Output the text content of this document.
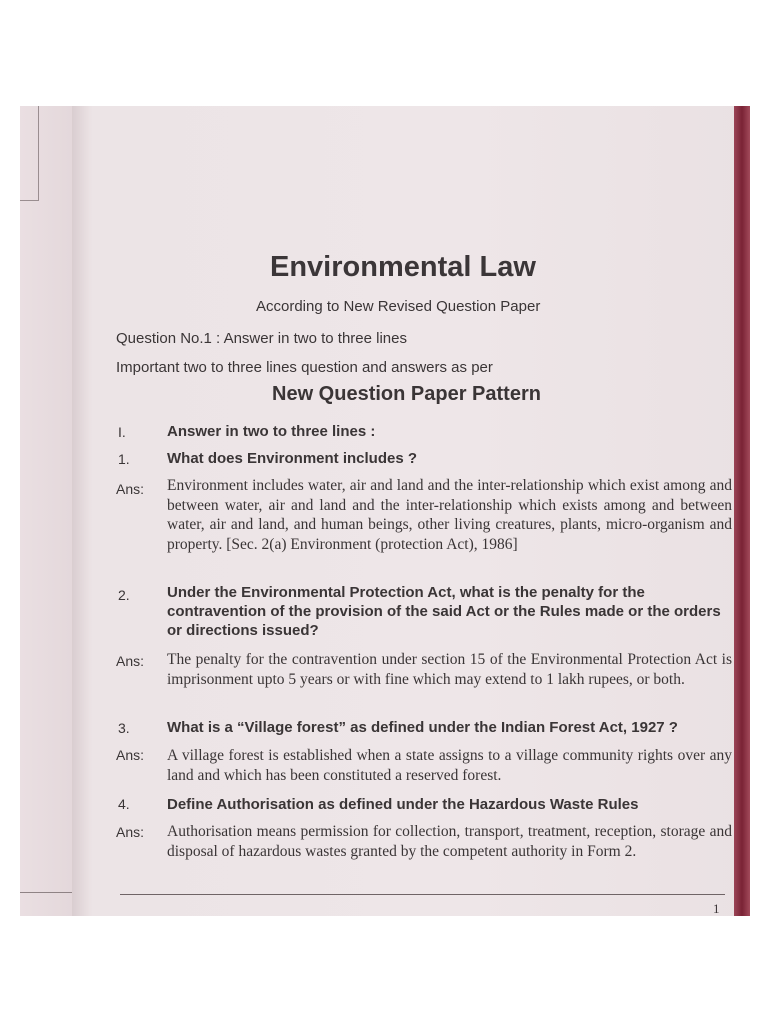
Environmental Law
According to New Revised Question Paper
Question No.1 : Answer in two to three lines
Important two to three lines question and answers as per
New Question Paper Pattern
I.	Answer in two to three lines :
1. What does Environment includes ?
Ans: Environment includes water, air and land and the inter-relationship which exist among and between water, air and land and the inter-relationship which exists among and between water, air and land, and human beings, other living creatures, plants, micro-organism and property. [Sec. 2(a) Environment (protection Act), 1986]
2. Under the Environmental Protection Act, what is the penalty for the contravention of the provision of the said Act or the Rules made or the orders or directions issued?
Ans: The penalty for the contravention under section 15 of the Environmental Protection Act is imprisonment upto 5 years or with fine which may extend to 1 lakh rupees, or both.
3. What is a “Village forest” as defined under the Indian Forest Act, 1927 ?
Ans: A village forest is established when a state assigns to a village community rights over any land and which has been constituted a reserved forest.
4. Define Authorisation as defined under the Hazardous Waste Rules
Ans: Authorisation means permission for collection, transport, treatment, reception, storage and disposal of hazardous wastes granted by the competent authority in Form 2.
1
